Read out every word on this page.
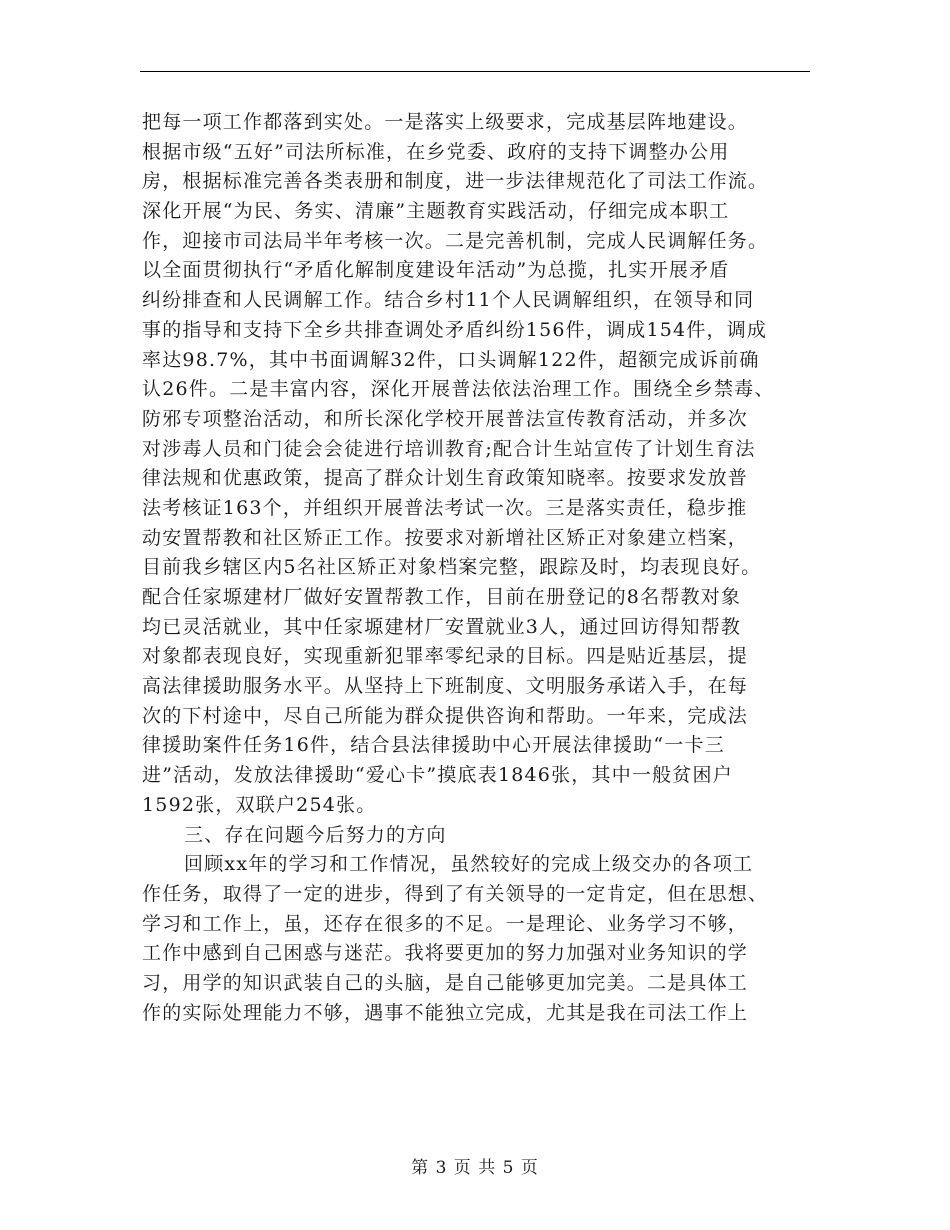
把每一项工作都落到实处。一是落实上级要求，完成基层阵地建设。
根据市级“五好”司法所标准，在乡党委、政府的支持下调整办公用
房，根据标准完善各类表册和制度，进一步法律规范化了司法工作流。
深化开展“为民、务实、清廉”主题教育实践活动，仔细完成本职工
作，迎接市司法局半年考核一次。二是完善机制，完成人民调解任务。
以全面贯彻执行“矛盾化解制度建设年活动”为总揽，扎实开展矛盾
纠纷排查和人民调解工作。结合乡村11个人民调解组织，在领导和同
事的指导和支持下全乡共排查调处矛盾纠纷156件，调成154件，调成
率达98.7%，其中书面调解32件，口头调解122件，超额完成诉前确
认26件。二是丰富内容，深化开展普法依法治理工作。围绕全乡禁毒、
防邪专项整治活动，和所长深化学校开展普法宣传教育活动，并多次
对涉毒人员和门徒会会徒进行培训教育;配合计生站宣传了计划生育法
律法规和优惠政策，提高了群众计划生育政策知晓率。按要求发放普
法考核证163个，并组织开展普法考试一次。三是落实责任，稳步推
动安置帮教和社区矫正工作。按要求对新增社区矫正对象建立档案，
目前我乡辖区内5名社区矫正对象档案完整，跟踪及时，均表现良好。
配合任家塬建材厂做好安置帮教工作，目前在册登记的8名帮教对象
均已灵活就业，其中任家塬建材厂安置就业3人，通过回访得知帮教
对象都表现良好，实现重新犯罪率零纪录的目标。四是贴近基层，提
高法律援助服务水平。从坚持上下班制度、文明服务承诺入手，在每
次的下村途中，尽自己所能为群众提供咨询和帮助。一年来，完成法
律援助案件任务16件，结合县法律援助中心开展法律援助“一卡三
进”活动，发放法律援助“爱心卡”摸底表1846张，其中一般贫困户
1592张，双联户254张。
三、存在问题今后努力的方向
回顾xx年的学习和工作情况，虽然较好的完成上级交办的各项工
作任务，取得了一定的进步，得到了有关领导的一定肯定，但在思想、
学习和工作上，虽，还存在很多的不足。一是理论、业务学习不够，
工作中感到自己困惑与迷茫。我将要更加的努力加强对业务知识的学
习，用学的知识武装自己的头脑，是自己能够更加完美。二是具体工
作的实际处理能力不够，遇事不能独立完成，尤其是我在司法工作上
第 3 页 共 5 页
